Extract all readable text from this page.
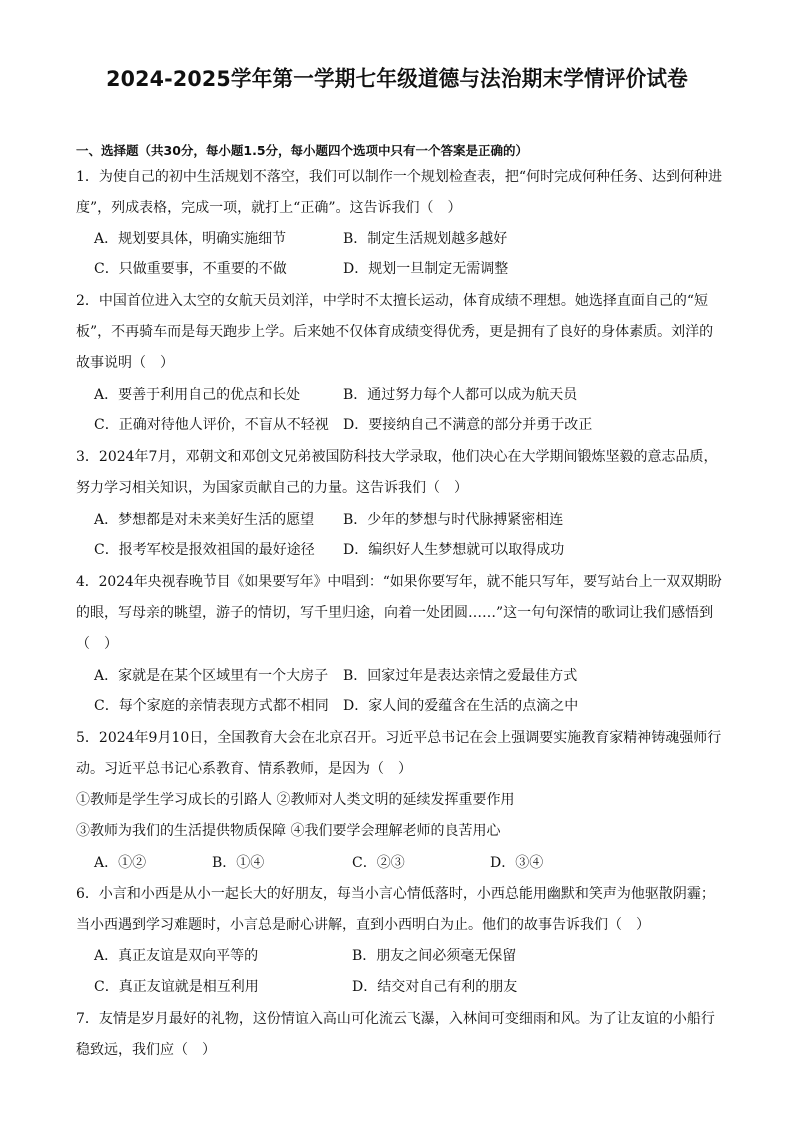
2024-2025学年第一学期七年级道德与法治期末学情评价试卷
一、选择题（共30分，每小题1.5分，每小题四个选项中只有一个答案是正确的）
1．为使自己的初中生活规划不落空，我们可以制作一个规划检查表，把“何时完成何种任务、达到何种进
度”，列成表格，完成一项，就打上“正确”。这告诉我们（　）
A．规划要具体，明确实施细节	B．制定生活规划越多越好
C．只做重要事，不重要的不做	D．规划一旦制定无需调整
2．中国首位进入太空的女航天员刘洋，中学时不太擅长运动，体育成绩不理想。她选择直面自己的“短
板”，不再骑车而是每天跑步上学。后来她不仅体育成绩变得优秀，更是拥有了良好的身体素质。刘洋的
故事说明（　）
A．要善于利用自己的优点和长处	B．通过努力每个人都可以成为航天员
C．正确对待他人评价，不盲从不轻视 D．要接纳自己不满意的部分并勇于改正
3．2024年7月，邓朝文和邓创文兄弟被国防科技大学录取，他们决心在大学期间锻炼坚毅的意志品质，
努力学习相关知识，为国家贡献自己的力量。这告诉我们（　）
A．梦想都是对未来美好生活的愿望 B．少年的梦想与时代脉搏紧密相连
C．报考军校是报效祖国的最好途径 D．编织好人生梦想就可以取得成功
4．2024年央视春晚节目《如果要写年》中唱到：“如果你要写年，就不能只写年，要写站台上一双双期盼
的眼，写母亲的眺望，游子的情切，写千里归途，向着一处团圆……”这一句句深情的歌词让我们感悟到
（　）
A．家就是在某个区域里有一个大房子 B．回家过年是表达亲情之爱最佳方式
C．每个家庭的亲情表现方式都不相同 D．家人间的爱蕴含在生活的点滴之中
5．2024年9月10日，全国教育大会在北京召开。习近平总书记在会上强调要实施教育家精神铸魂强师行
动。习近平总书记心系教育、情系教师，是因为（　）
①教师是学生学习成长的引路人 ②教师对人类文明的延续发挥重要作用
③教师为我们的生活提供物质保障 ④我们要学会理解老师的良苦用心
A．①②	B．①④	C．②③	D．③④
6．小言和小西是从小一起长大的好朋友，每当小言心情低落时，小西总能用幽默和笑声为他驱散阴霾；
当小西遇到学习难题时，小言总是耐心讲解，直到小西明白为止。他们的故事告诉我们（　）
A．真正友谊是双向平等的	B．朋友之间必须毫无保留
C．真正友谊就是相互利用	D．结交对自己有利的朋友
7．友情是岁月最好的礼物，这份情谊入高山可化流云飞瀑，入林间可变细雨和风。为了让友谊的小船行
稳致远，我们应（　）
